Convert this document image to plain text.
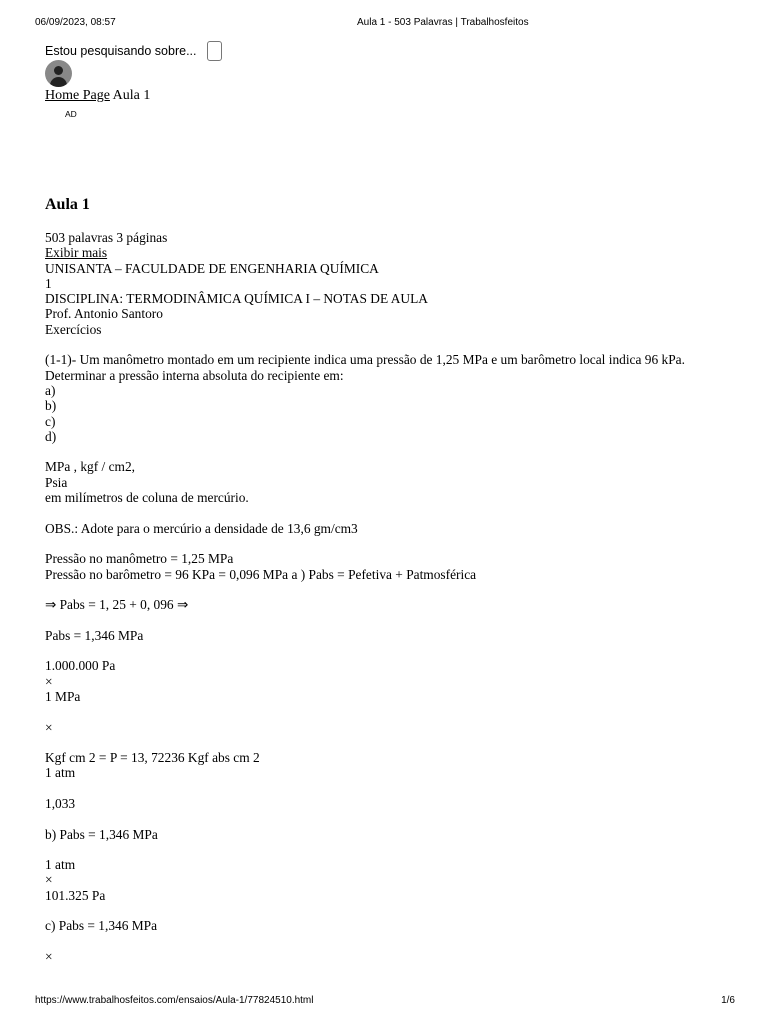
06/09/2023, 08:57	Aula 1 - 503 Palavras | Trabalhosfeitos
Estou pesquisando sobre...
Home Page Aula 1
AD
Aula 1

503 palavras 3 páginas

Exibir mais

UNISANTA – FACULDADE DE ENGENHARIA QUÍMICA

1

DISCIPLINA: TERMODINÂMICA QUÍMICA I – NOTAS DE AULA

Prof. Antonio Santoro

Exercícios

(1-1)- Um manômetro montado em um recipiente indica uma pressão de 1,25 MPa e um barômetro local indica 96 kPa. Determinar a pressão interna absoluta do recipiente em:

a)

b)

c)

d)

MPa , kgf / cm2,

Psia

em milímetros de coluna de mercúrio.

OBS.: Adote para o mercúrio a densidade de 13,6 gm/cm3

Pressão no manômetro = 1,25 MPa

Pressão no barômetro = 96 KPa = 0,096 MPa a ) Pabs = Pefetiva + Patmosférica

⇒ Pabs = 1, 25 + 0, 096 ⇒

Pabs = 1,346 MPa

1.000.000 Pa

×

1 MPa

×

Kgf cm 2 = P = 13, 72236 Kgf abs cm 2

1 atm

1,033

b) Pabs = 1,346 MPa

1 atm

×

101.325 Pa

c) Pabs = 1,346 MPa

×

https://www.trabalhosfeitos.com/ensaios/Aula-1/77824510.html	1/6
